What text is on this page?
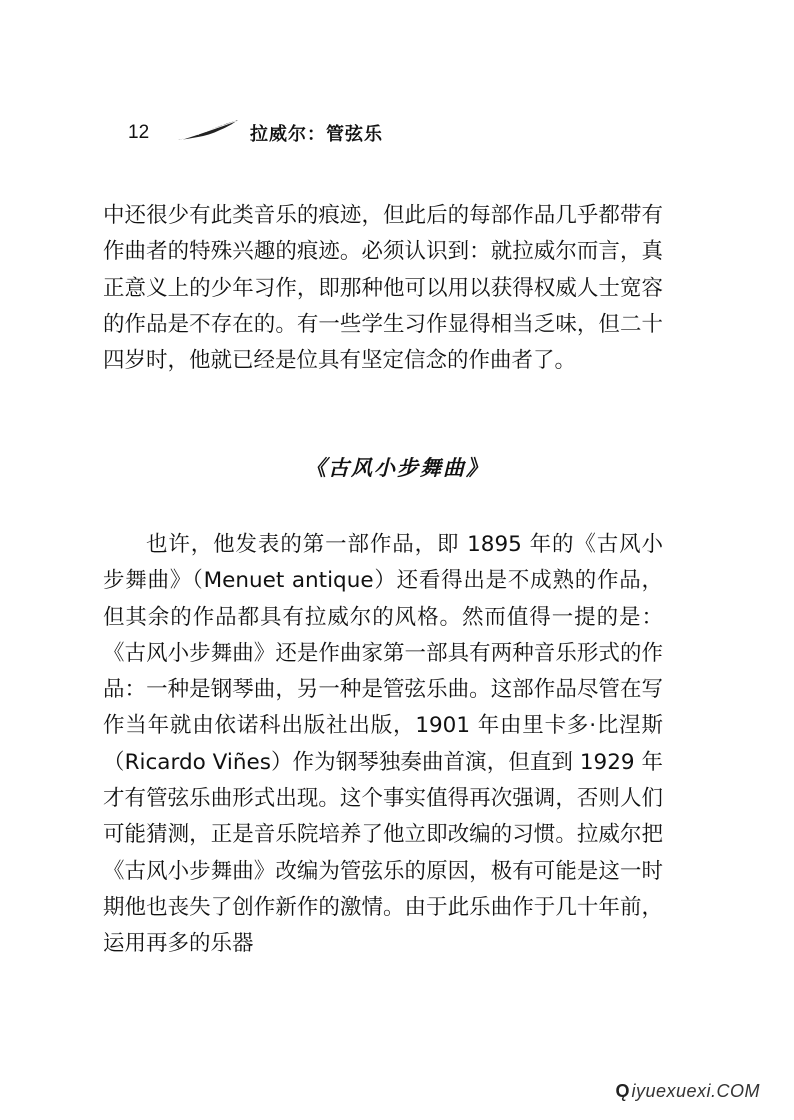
12	拉威尔：管弦乐

中还很少有此类音乐的痕迹，但此后的每部作品几乎都带有作曲者的特殊兴趣的痕迹。必须认识到：就拉威尔而言，真正意义上的少年习作，即那种他可以用以获得权威人士宽容的作品是不存在的。有一些学生习作显得相当乏味，但二十四岁时，他就已经是位具有坚定信念的作曲者了。

《古风小步舞曲》

也许，他发表的第一部作品，即 1895 年的《古风小步舞曲》（Menuet antique）还看得出是不成熟的作品，但其余的作品都具有拉威尔的风格。然而值得一提的是：《古风小步舞曲》还是作曲家第一部具有两种音乐形式的作品：一种是钢琴曲，另一种是管弦乐曲。这部作品尽管在写作当年就由依诺科出版社出版，1901 年由里卡多·比涅斯（Ricardo Viñes）作为钢琴独奏曲首演，但直到 1929 年才有管弦乐曲形式出现。这个事实值得再次强调，否则人们可能猜测，正是音乐院培养了他立即改编的习惯。拉威尔把《古风小步舞曲》改编为管弦乐的原因，极有可能是这一时期他也丧失了创作新作的激情。由于此乐曲作于几十年前，运用再多的乐器

Ǫ iyuexuexi.COM
